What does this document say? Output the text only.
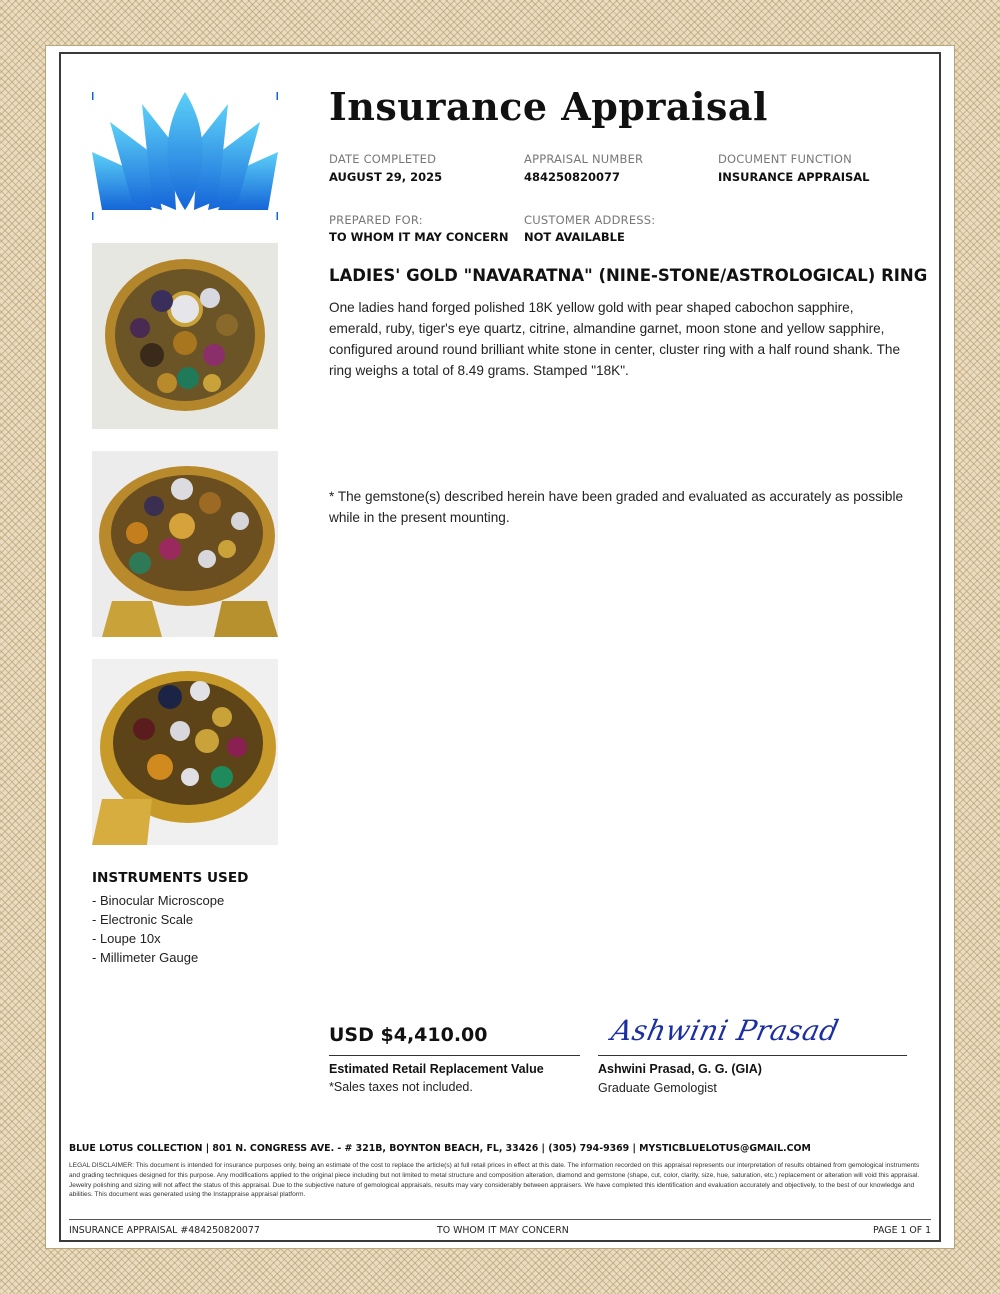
Insurance Appraisal
DATE COMPLETED
AUGUST 29, 2025
APPRAISAL NUMBER
484250820077
DOCUMENT FUNCTION
INSURANCE APPRAISAL
PREPARED FOR:
TO WHOM IT MAY CONCERN
CUSTOMER ADDRESS:
NOT AVAILABLE
LADIES' GOLD "NAVARATNA" (NINE-STONE/ASTROLOGICAL) RING
One ladies hand forged polished 18K yellow gold with pear shaped cabochon sapphire, emerald, ruby, tiger's eye quartz, citrine, almandine garnet, moon stone and yellow sapphire, configured around round brilliant white stone in center, cluster ring with a half round shank. The ring weighs a total of 8.49 grams. Stamped "18K".
* The gemstone(s) described herein have been graded and evaluated as accurately as possible while in the present mounting.
INSTRUMENTS USED
- Binocular Microscope
- Electronic Scale
- Loupe 10x
- Millimeter Gauge
USD $4,410.00
Estimated Retail Replacement Value
*Sales taxes not included.
Ashwini Prasad
Ashwini Prasad, G. G. (GIA)
Graduate Gemologist
BLUE LOTUS COLLECTION | 801 N. CONGRESS AVE. - # 321B, BOYNTON BEACH, FL, 33426 | (305) 794-9369 | MYSTICBLUELOTUS@GMAIL.COM
LEGAL DISCLAIMER: This document is intended for insurance purposes only, being an estimate of the cost to replace the article(s) at full retail prices in effect at this date. The information recorded on this appraisal represents our interpretation of results obtained from gemological instruments and grading techniques designed for this purpose. Any modifications applied to the original piece including but not limited to metal structure and composition alteration, diamond and gemstone (shape, cut, color, clarity, size, hue, saturation, etc.) replacement or alteration will void this appraisal. Jewelry polishing and sizing will not affect the status of this appraisal. Due to the subjective nature of gemological appraisals, results may vary considerably between appraisers. We have completed this identification and evaluation accurately and objectively, to the best of our knowledge and abilities. This document was generated using the Instappraise appraisal platform.
INSURANCE APPRAISAL #484250820077	TO WHOM IT MAY CONCERN	PAGE 1 OF 1
